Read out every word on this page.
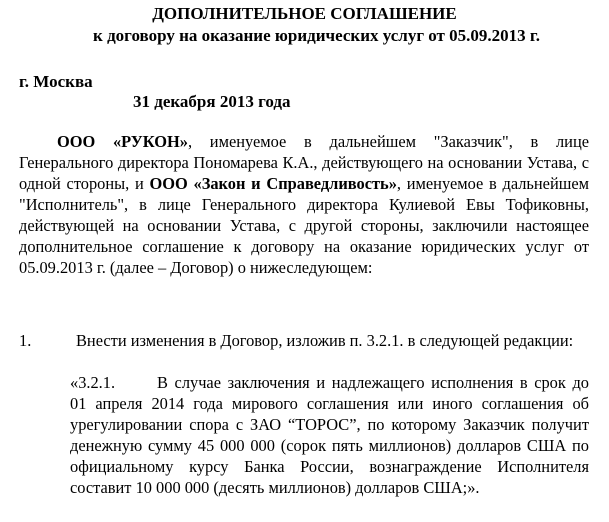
ДОПОЛНИТЕЛЬНОЕ СОГЛАШЕНИЕ
к договору на оказание юридических услуг от 05.09.2013 г.
г. Москва
31 декабря 2013 года
ООО «РУКОН», именуемое в дальнейшем "Заказчик", в лице Генерального директора Пономарева К.А., действующего на основании Устава, с одной стороны, и ООО «Закон и Справедливость», именуемое в дальнейшем "Исполнитель", в лице Генерального директора Кулиевой Евы Тофиковны, действующей на основании Устава, с другой стороны, заключили настоящее дополнительное соглашение к договору на оказание юридических услуг от 05.09.2013 г. (далее – Договор) о нижеследующем:
1.	Внести изменения в Договор, изложив п. 3.2.1. в следующей редакции:
«3.2.1.	В случае заключения и надлежащего исполнения в срок до 01 апреля 2014 года мирового соглашения или иного соглашения об урегулировании спора с ЗАО “ТОРОС”, по которому Заказчик получит денежную сумму 45 000 000 (сорок пять миллионов) долларов США по официальному курсу Банка России, вознаграждение Исполнителя составит 10 000 000 (десять миллионов) долларов США;».
